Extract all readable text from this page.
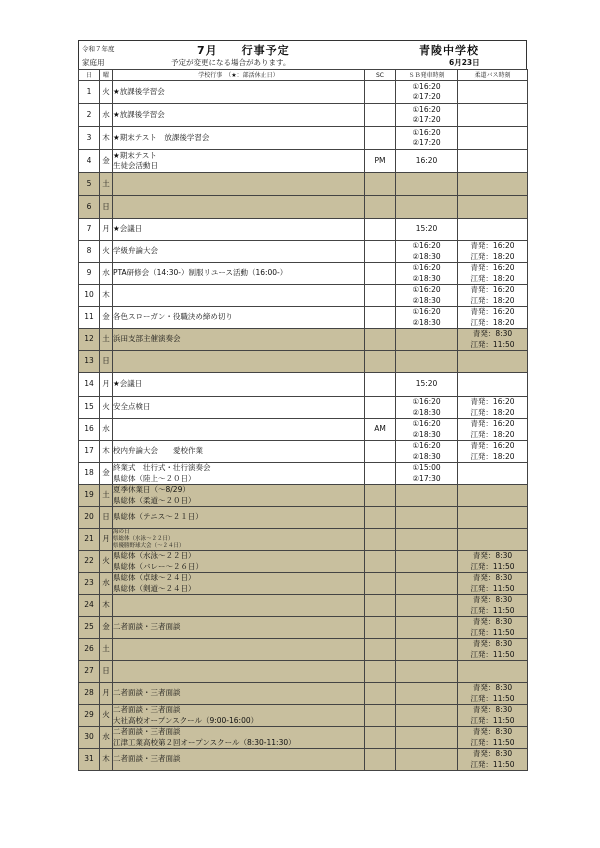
令和７年度
家庭用
7月　　行事予定	青陵中学校
予定が変更になる場合があります。	6月23日
日	曜	学校行事　（★：部活休止日）	SC	ＳＢ発車時刻	柔道バス時刻
1	火	★放課後学習会		①16:20
②17:20	

2	水	★放課後学習会		①16:20
②17:20	

3	木	★期末テスト　放課後学習会		①16:20
②17:20	

4	金	★期末テスト
生徒会活動日	PM	16:20	

5	土				
6	日				
7	月	★会議日		15:20	

8	火	学級弁論大会		①16:20
②18:30	青発：16:20
江発：18:20

9	水	PTA研修会（14:30-）制服リユース活動（16:00-）		①16:20
②18:30	青発：16:20
江発：18:20

10	木			①16:20
②18:30	青発：16:20
江発：18:20

11	金	各色スローガン・役職決め締め切り		①16:20
②18:30	青発：16:20
江発：18:20

12	土	浜田支部主催演奏会			青発：8:30
江発：11:50

13	日				
14	月	★会議日		15:20	

15	火	安全点検日		①16:20
②18:30	青発：16:20
江発：18:20

16	水		AM	①16:20
②18:30	青発：16:20
江発：18:20

17	木	校内弁論大会　　愛校作業		①16:20
②18:30	青発：16:20
江発：18:20

18	金	終業式　壮行式・壮行演奏会
県総体（陸上～２０日）		①15:00
②17:30	

19	土	夏季休業日（～8/29）
県総体（柔道～２０日）			

20	日	県総体（テニス～２１日）			

21	月	海の日
県総体（水泳～２２日）
県優勝野球大会（～２４日）			

22	火	県総体（水泳～２２日）
県総体（バレー～２６日）			青発：8:30
江発：11:50

23	水	県総体（卓球～２４日）
県総体（剣道～２４日）			青発：8:30
江発：11:50

24	木				青発：8:30
江発：11:50

25	金	二者面談・三者面談			青発：8:30
江発：11:50

26	土				青発：8:30
江発：11:50

27	日				
28	月	二者面談・三者面談			青発：8:30
江発：11:50

29	火	二者面談・三者面談
大社高校オープンスクール（9:00-16:00）			青発：8:30
江発：11:50

30	水	二者面談・三者面談
江津工業高校第２回オープンスクール（8:30-11:30）			青発：8:30
江発：11:50

31	木	二者面談・三者面談			青発：8:30
江発：11:50
